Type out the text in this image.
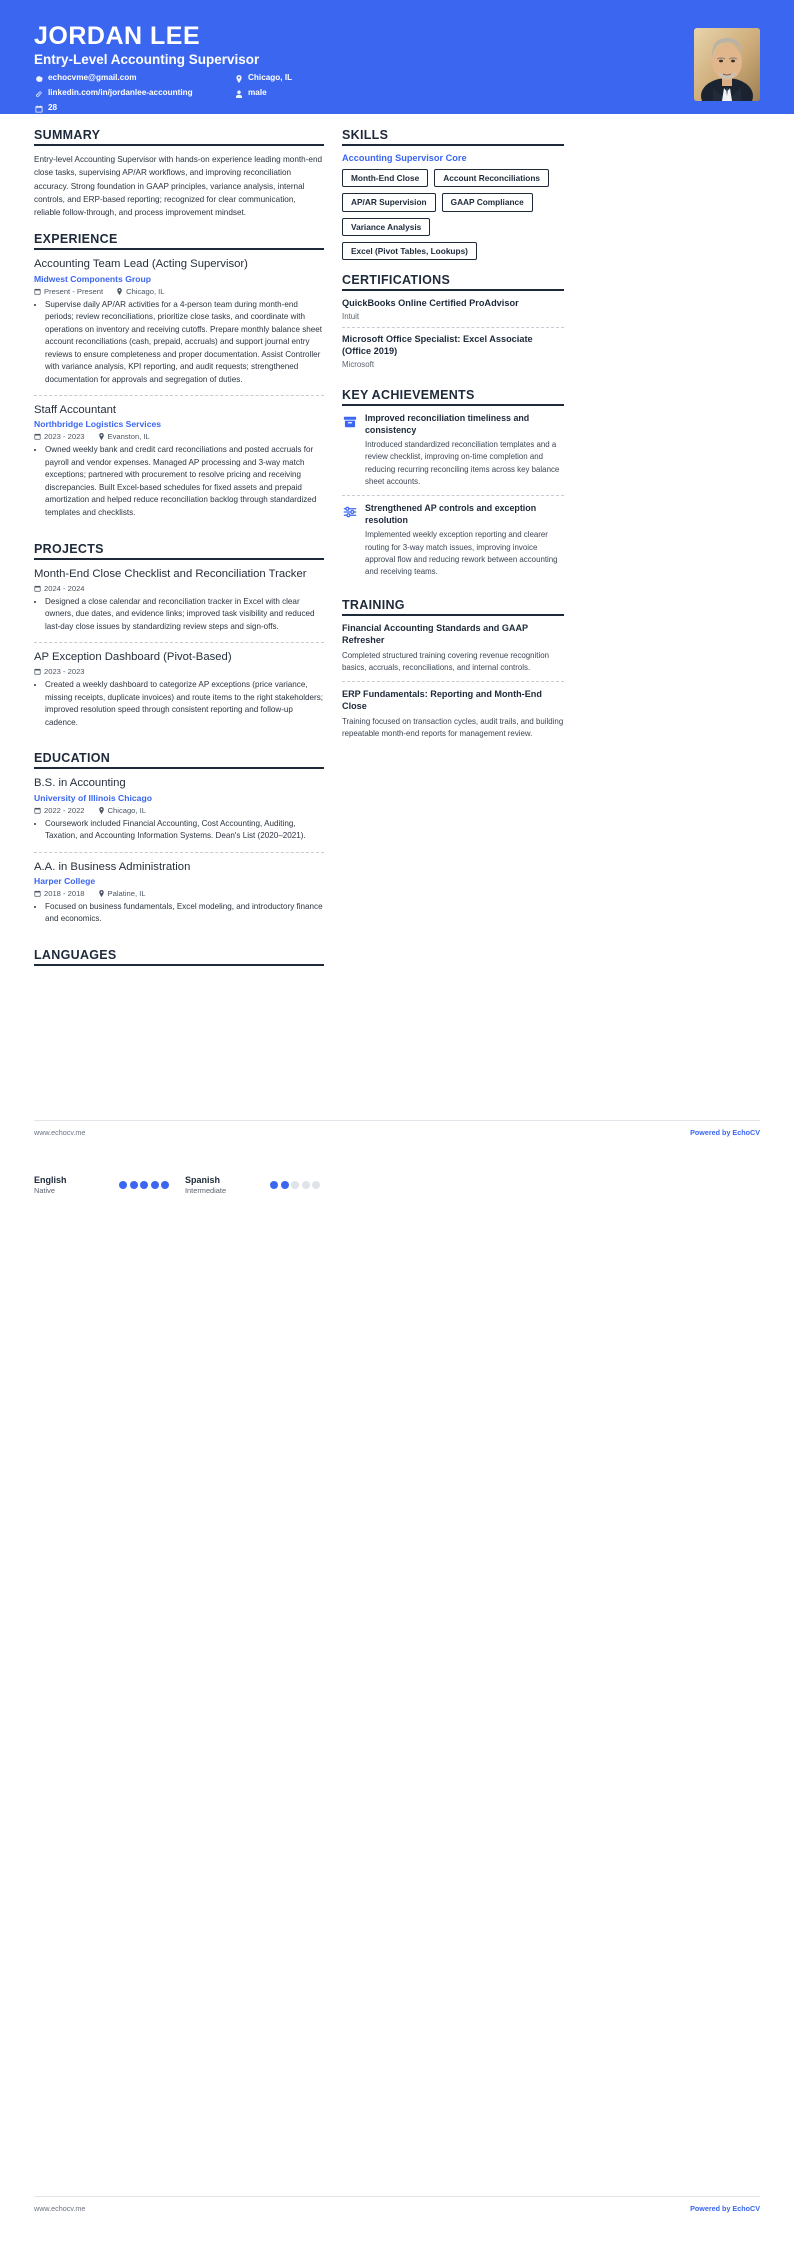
JORDAN LEE
Entry-Level Accounting Supervisor
echocvme@gmail.com
linkedin.com/in/jordanlee-accounting
28
Chicago, IL
male
SUMMARY
Entry-level Accounting Supervisor with hands-on experience leading month-end close tasks, supervising AP/AR workflows, and improving reconciliation accuracy. Strong foundation in GAAP principles, variance analysis, internal controls, and ERP-based reporting; recognized for clear communication, reliable follow-through, and process improvement mindset.
EXPERIENCE
Accounting Team Lead (Acting Supervisor)
Midwest Components Group
Present - Present	Chicago, IL
• Supervise daily AP/AR activities for a 4-person team during month-end periods; review reconciliations, prioritize close tasks, and coordinate with operations on inventory and receiving cutoffs. Prepare monthly balance sheet account reconciliations (cash, prepaid, accruals) and support journal entry reviews to ensure completeness and proper documentation. Assist Controller with variance analysis, KPI reporting, and audit requests; strengthened documentation for approvals and segregation of duties.
Staff Accountant
Northbridge Logistics Services
2023 - 2023	Evanston, IL
• Owned weekly bank and credit card reconciliations and posted accruals for payroll and vendor expenses. Managed AP processing and 3-way match exceptions; partnered with procurement to resolve pricing and receiving discrepancies. Built Excel-based schedules for fixed assets and prepaid amortization and helped reduce reconciliation backlog through standardized templates and checklists.
PROJECTS
Month-End Close Checklist and Reconciliation Tracker
2024 - 2024
• Designed a close calendar and reconciliation tracker in Excel with clear owners, due dates, and evidence links; improved task visibility and reduced last-day close issues by standardizing review steps and sign-offs.
AP Exception Dashboard (Pivot-Based)
2023 - 2023
• Created a weekly dashboard to categorize AP exceptions (price variance, missing receipts, duplicate invoices) and route items to the right stakeholders; improved resolution speed through consistent reporting and follow-up cadence.
EDUCATION
B.S. in Accounting
University of Illinois Chicago
2022 - 2022	Chicago, IL
• Coursework included Financial Accounting, Cost Accounting, Auditing, Taxation, and Accounting Information Systems. Dean's List (2020–2021).
A.A. in Business Administration
Harper College
2018 - 2018	Palatine, IL
• Focused on business fundamentals, Excel modeling, and introductory finance and economics.
LANGUAGES
SKILLS
Accounting Supervisor Core
Month-End Close	Account Reconciliations
AP/AR Supervision	GAAP Compliance
Variance Analysis
Excel (Pivot Tables, Lookups)
CERTIFICATIONS
QuickBooks Online Certified ProAdvisor
Intuit
Microsoft Office Specialist: Excel Associate (Office 2019)
Microsoft
KEY ACHIEVEMENTS
Improved reconciliation timeliness and consistency
Introduced standardized reconciliation templates and a review checklist, improving on-time completion and reducing recurring reconciling items across key balance sheet accounts.
Strengthened AP controls and exception resolution
Implemented weekly exception reporting and clearer routing for 3-way match issues, improving invoice approval flow and reducing rework between accounting and receiving teams.
TRAINING
Financial Accounting Standards and GAAP Refresher
Completed structured training covering revenue recognition basics, accruals, reconciliations, and internal controls.
ERP Fundamentals: Reporting and Month-End Close
Training focused on transaction cycles, audit trails, and building repeatable month-end reports for management review.
English
Native
Spanish
Intermediate
www.echocv.me	Powered by EchoCV
www.echocv.me	Powered by EchoCV
